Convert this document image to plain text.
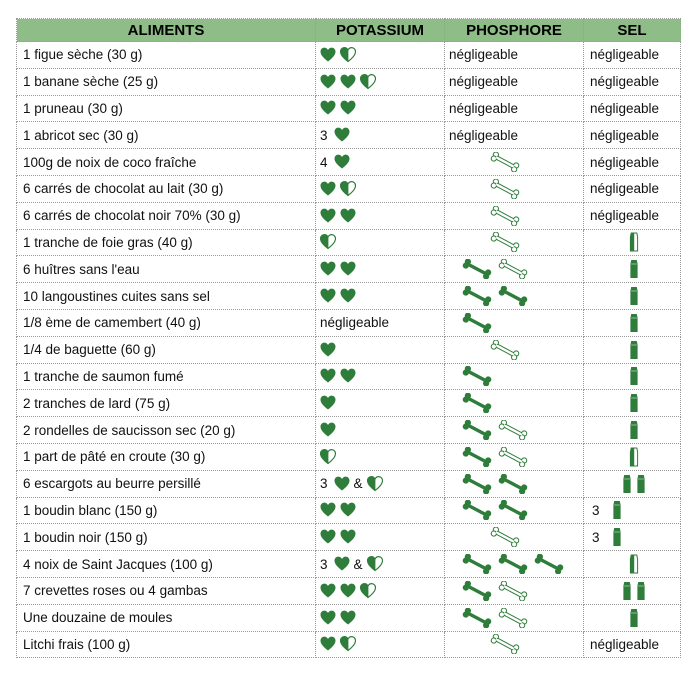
ALIMENTS	POTASSIUM	PHOSPHORE	SEL
1 figue sèche (30 g)		négligeable	négligeable

1 banane sèche (25 g)		négligeable	négligeable

1 pruneau (30 g)		négligeable	négligeable

1 abricot sec (30 g)	3	négligeable	négligeable

100g de noix de coco fraîche	4		négligeable

6 carrés de chocolat au lait (30 g)			négligeable

6 carrés de chocolat noir 70% (30 g)			négligeable

1 tranche de foie gras (40 g)	

6 huîtres sans l'eau	

10 langoustines cuites sans sel	

1/8 ème de camembert (40 g)	négligeable

1/4 de baguette (60 g)	

1 tranche de saumon fumé	

2 tranches de lard (75 g)	

2 rondelles de saucisson sec (20 g)	

1 part de pâté en croute (30 g)	

6 escargots au beurre persillé	3 &

1 boudin blanc (150 g)			3

1 boudin noir (150 g)			3

4 noix de Saint Jacques (100 g)	3 &

7 crevettes roses ou 4 gambas	

Une douzaine de moules	

Litchi frais (100 g)			négligeable
